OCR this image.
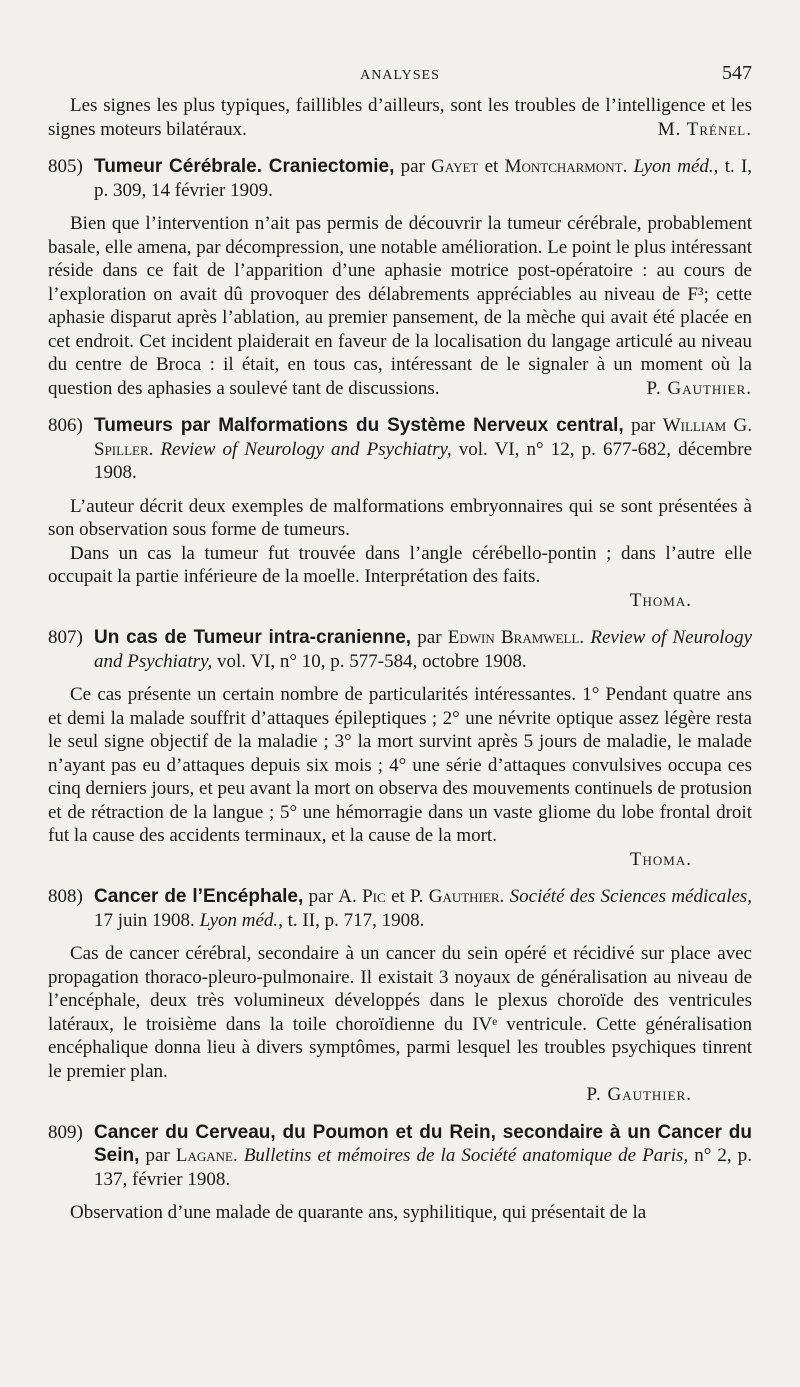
ANALYSES	547

Les signes les plus typiques, faillibles d’ailleurs, sont les troubles de l’intelligence et les signes moteurs bilatéraux.	M. Trénel.

805) Tumeur Cérébrale. Craniectomie, par Gayet et Montcharmont. Lyon méd., t. I, p. 309, 14 février 1909.

Bien que l’intervention n’ait pas permis de découvrir la tumeur cérébrale, probablement basale, elle amena, par décompression, une notable amélioration. Le point le plus intéressant réside dans ce fait de l’apparition d’une aphasie motrice post-opératoire : au cours de l’exploration on avait dû provoquer des délabrements appréciables au niveau de F³; cette aphasie disparut après l’ablation, au premier pansement, de la mèche qui avait été placée en cet endroit. Cet incident plaiderait en faveur de la localisation du langage articulé au niveau du centre de Broca : il était, en tous cas, intéressant de le signaler à un moment où la question des aphasies a soulevé tant de discussions.	P. Gauthier.

806) Tumeurs par Malformations du Système Nerveux central, par William G. Spiller. Review of Neurology and Psychiatry, vol. VI, n° 12, p. 677-682, décembre 1908.

L’auteur décrit deux exemples de malformations embryonnaires qui se sont présentées à son observation sous forme de tumeurs.

Dans un cas la tumeur fut trouvée dans l’angle cérébello-pontin ; dans l’autre elle occupait la partie inférieure de la moelle. Interprétation des faits.

Thoma.

807) Un cas de Tumeur intra-cranienne, par Edwin Bramwell. Review of Neurology and Psychiatry, vol. VI, n° 10, p. 577-584, octobre 1908.

Ce cas présente un certain nombre de particularités intéressantes. 1° Pendant quatre ans et demi la malade souffrit d’attaques épileptiques ; 2° une névrite optique assez légère resta le seul signe objectif de la maladie ; 3° la mort survint après 5 jours de maladie, le malade n’ayant pas eu d’attaques depuis six mois ; 4° une série d’attaques convulsives occupa ces cinq derniers jours, et peu avant la mort on observa des mouvements continuels de protusion et de rétraction de la langue ; 5° une hémorragie dans un vaste gliome du lobe frontal droit fut la cause des accidents terminaux, et la cause de la mort.

Thoma.

808) Cancer de l’Encéphale, par A. Pic et P. Gauthier. Société des Sciences médicales, 17 juin 1908. Lyon méd., t. II, p. 717, 1908.

Cas de cancer cérébral, secondaire à un cancer du sein opéré et récidivé sur place avec propagation thoraco-pleuro-pulmonaire. Il existait 3 noyaux de généralisation au niveau de l’encéphale, deux très volumineux développés dans le plexus choroïde des ventricules latéraux, le troisième dans la toile choroïdienne du IVᵉ ventricule. Cette généralisation encéphalique donna lieu à divers symptômes, parmi lesquel les troubles psychiques tinrent le premier plan.

P. Gauthier.

809) Cancer du Cerveau, du Poumon et du Rein, secondaire à un Cancer du Sein, par Lagane. Bulletins et mémoires de la Société anatomique de Paris, n° 2, p. 137, février 1908.

Observation d’une malade de quarante ans, syphilitique, qui présentait de la
